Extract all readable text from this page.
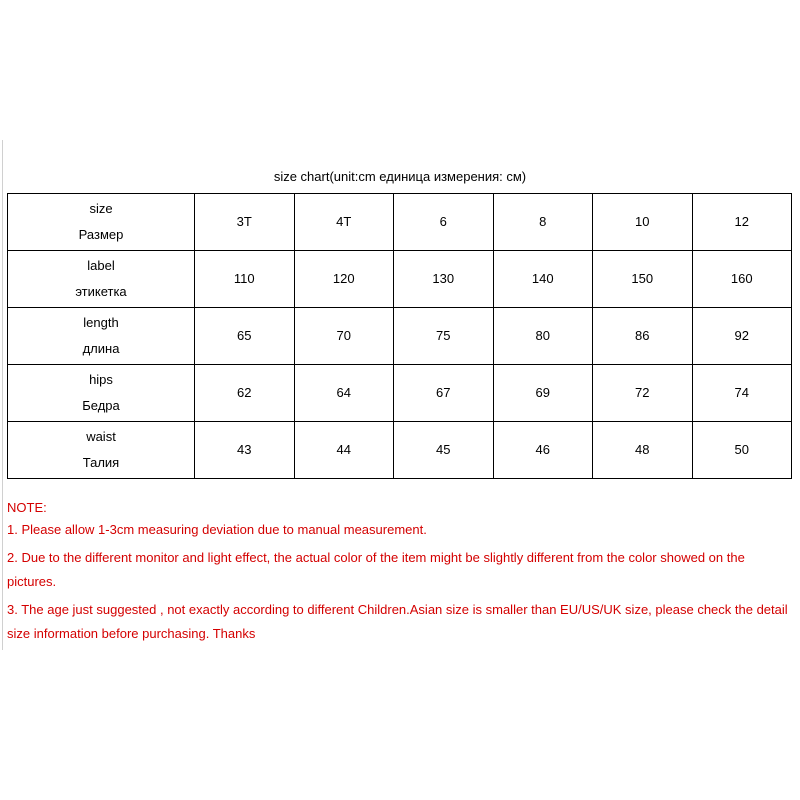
size chart(unit:cm единица измерения: см)
size
Размер	3T	4T	6	8	10	12

label
этикетка	110	120	130	140	150	160

length
длина	65	70	75	80	86	92

hips
Бедра	62	64	67	69	72	74

waist
Талия	43	44	45	46	48	50

NOTE:

1. Please allow 1-3cm measuring deviation due to manual measurement.

2. Due to the different monitor and light effect, the actual color of the item might be slightly different from the color showed on the pictures.

3. The age just suggested , not exactly according to different Children.Asian size is smaller than EU/US/UK size, please check the detail size information before purchasing. Thanks
